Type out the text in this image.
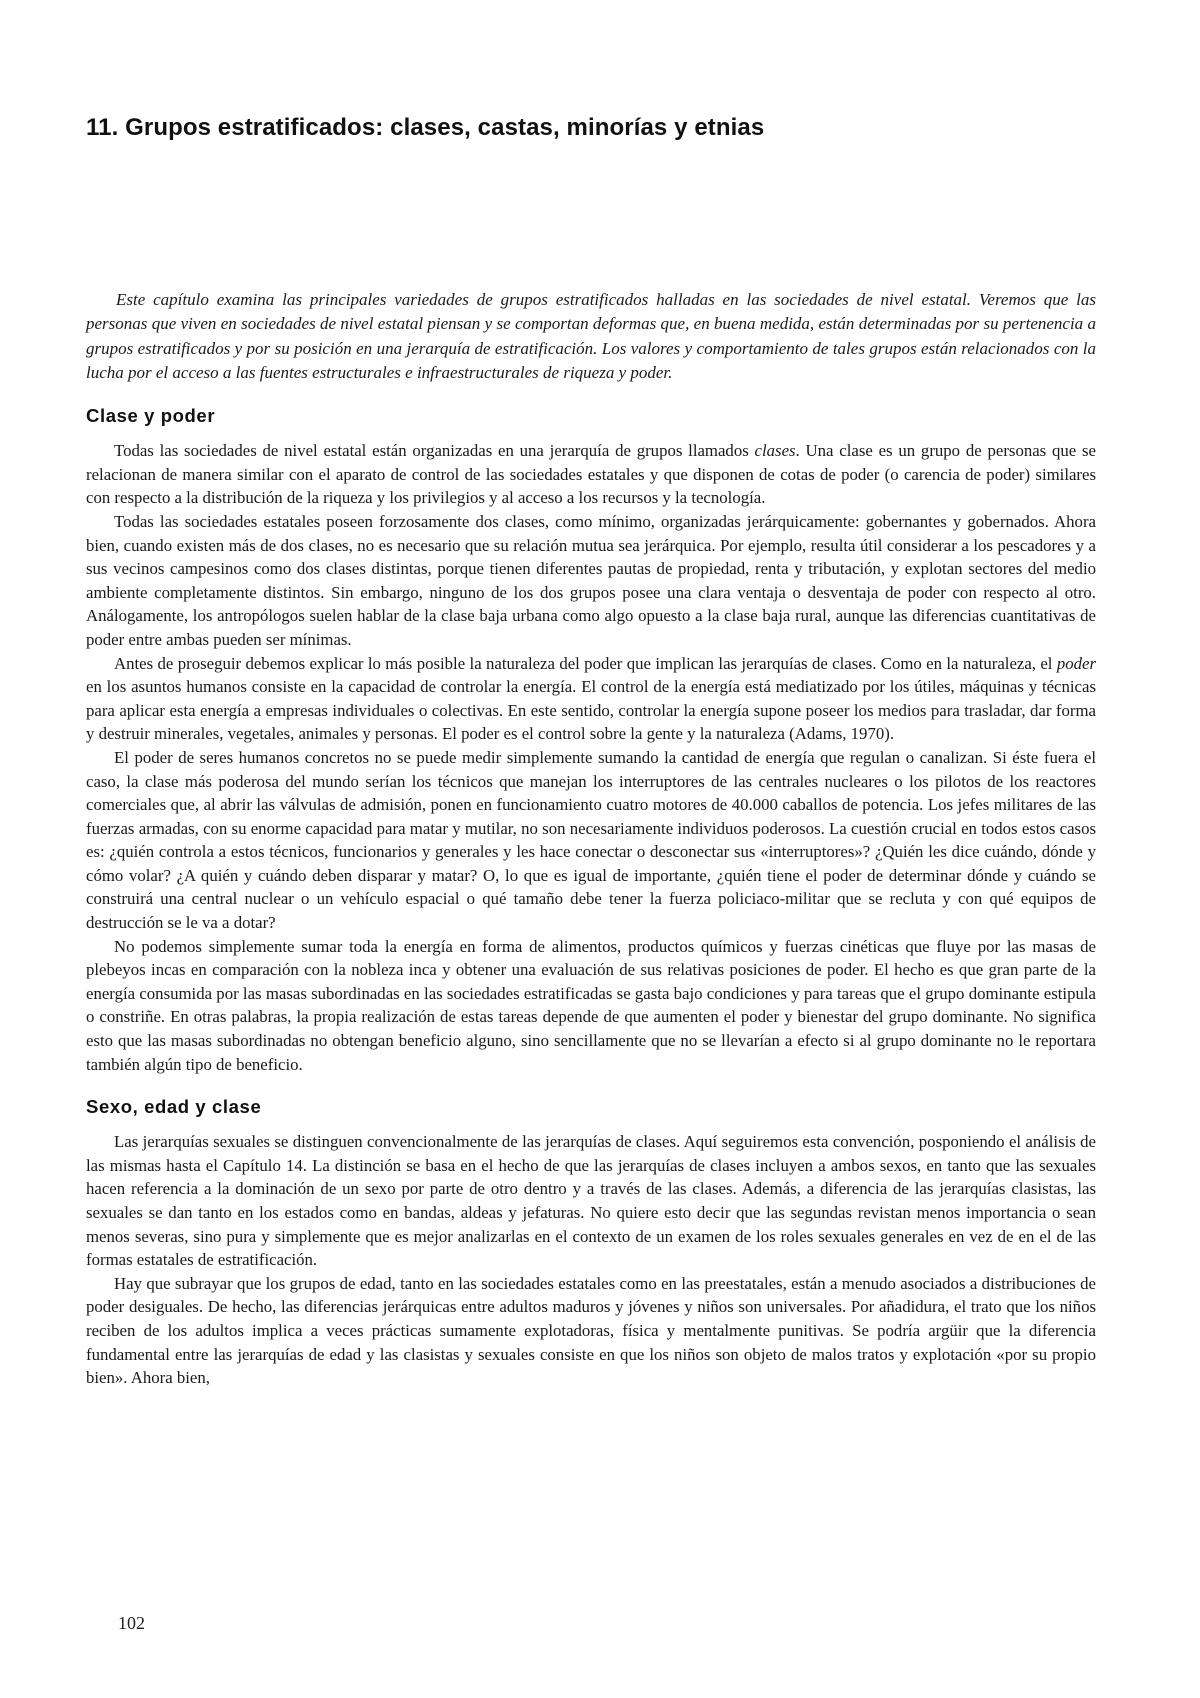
11. Grupos estratificados: clases, castas, minorías y etnias

Este capítulo examina las principales variedades de grupos estratificados halladas en las sociedades de nivel estatal. Veremos que las personas que viven en sociedades de nivel estatal piensan y se comportan deformas que, en buena medida, están determinadas por su pertenencia a grupos estratificados y por su posición en una jerarquía de estratificación. Los valores y comportamiento de tales grupos están relacionados con la lucha por el acceso a las fuentes estructurales e infraestructurales de riqueza y poder.

Clase y poder

Todas las sociedades de nivel estatal están organizadas en una jerarquía de grupos llamados clases. Una clase es un grupo de personas que se relacionan de manera similar con el aparato de control de las sociedades estatales y que disponen de cotas de poder (o carencia de poder) similares con respecto a la distribución de la riqueza y los privilegios y al acceso a los recursos y la tecnología.

Todas las sociedades estatales poseen forzosamente dos clases, como mínimo, organizadas jerárquicamente: gobernantes y gobernados. Ahora bien, cuando existen más de dos clases, no es necesario que su relación mutua sea jerárquica. Por ejemplo, resulta útil considerar a los pescadores y a sus vecinos campesinos como dos clases distintas, porque tienen diferentes pautas de propiedad, renta y tributación, y explotan sectores del medio ambiente completamente distintos. Sin embargo, ninguno de los dos grupos posee una clara ventaja o desventaja de poder con respecto al otro. Análogamente, los antropólogos suelen hablar de la clase baja urbana como algo opuesto a la clase baja rural, aunque las diferencias cuantitativas de poder entre ambas pueden ser mínimas.

Antes de proseguir debemos explicar lo más posible la naturaleza del poder que implican las jerarquías de clases. Como en la naturaleza, el poder en los asuntos humanos consiste en la capacidad de controlar la energía. El control de la energía está mediatizado por los útiles, máquinas y técnicas para aplicar esta energía a empresas individuales o colectivas. En este sentido, controlar la energía supone poseer los medios para trasladar, dar forma y destruir minerales, vegetales, animales y personas. El poder es el control sobre la gente y la naturaleza (Adams, 1970).

El poder de seres humanos concretos no se puede medir simplemente sumando la cantidad de energía que regulan o canalizan. Si éste fuera el caso, la clase más poderosa del mundo serían los técnicos que manejan los interruptores de las centrales nucleares o los pilotos de los reactores comerciales que, al abrir las válvulas de admisión, ponen en funcionamiento cuatro motores de 40.000 caballos de potencia. Los jefes militares de las fuerzas armadas, con su enorme capacidad para matar y mutilar, no son necesariamente individuos poderosos. La cuestión crucial en todos estos casos es: ¿quién controla a estos técnicos, funcionarios y generales y les hace conectar o desconectar sus «interruptores»? ¿Quién les dice cuándo, dónde y cómo volar? ¿A quién y cuándo deben disparar y matar? O, lo que es igual de importante, ¿quién tiene el poder de determinar dónde y cuándo se construirá una central nuclear o un vehículo espacial o qué tamaño debe tener la fuerza policiaco-militar que se recluta y con qué equipos de destrucción se le va a dotar?

No podemos simplemente sumar toda la energía en forma de alimentos, productos químicos y fuerzas cinéticas que fluye por las masas de plebeyos incas en comparación con la nobleza inca y obtener una evaluación de sus relativas posiciones de poder. El hecho es que gran parte de la energía consumida por las masas subordinadas en las sociedades estratificadas se gasta bajo condiciones y para tareas que el grupo dominante estipula o constriñe. En otras palabras, la propia realización de estas tareas depende de que aumenten el poder y bienestar del grupo dominante. No significa esto que las masas subordinadas no obtengan beneficio alguno, sino sencillamente que no se llevarían a efecto si al grupo dominante no le reportara también algún tipo de beneficio.

Sexo, edad y clase

Las jerarquías sexuales se distinguen convencionalmente de las jerarquías de clases. Aquí seguiremos esta convención, posponiendo el análisis de las mismas hasta el Capítulo 14. La distinción se basa en el hecho de que las jerarquías de clases incluyen a ambos sexos, en tanto que las sexuales hacen referencia a la dominación de un sexo por parte de otro dentro y a través de las clases. Además, a diferencia de las jerarquías clasistas, las sexuales se dan tanto en los estados como en bandas, aldeas y jefaturas. No quiere esto decir que las segundas revistan menos importancia o sean menos severas, sino pura y simplemente que es mejor analizarlas en el contexto de un examen de los roles sexuales generales en vez de en el de las formas estatales de estratificación.

Hay que subrayar que los grupos de edad, tanto en las sociedades estatales como en las preestatales, están a menudo asociados a distribuciones de poder desiguales. De hecho, las diferencias jerárquicas entre adultos maduros y jóvenes y niños son universales. Por añadidura, el trato que los niños reciben de los adultos implica a veces prácticas sumamente explotadoras, física y mentalmente punitivas. Se podría argüir que la diferencia fundamental entre las jerarquías de edad y las clasistas y sexuales consiste en que los niños son objeto de malos tratos y explotación «por su propio bien». Ahora bien,

102
